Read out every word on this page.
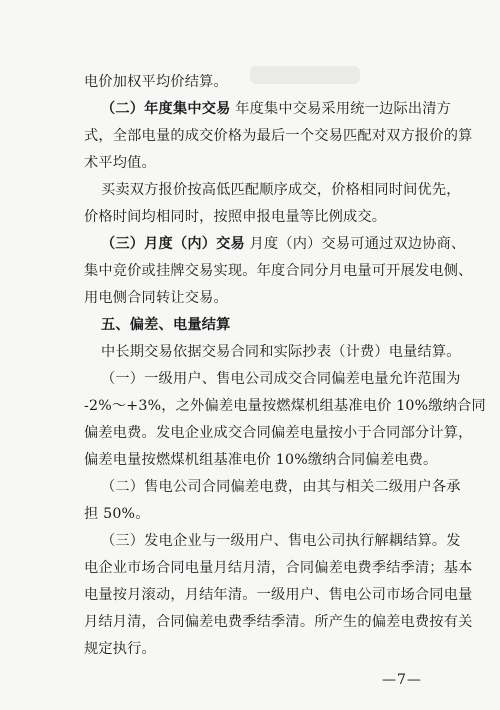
电价加权平均价结算。
（二）年度集中交易 年度集中交易采用统一边际出清方
式，全部电量的成交价格为最后一个交易匹配对双方报价的算
术平均值。
买卖双方报价按高低匹配顺序成交，价格相同时间优先，
价格时间均相同时，按照申报电量等比例成交。
（三）月度（内）交易 月度（内）交易可通过双边协商、
集中竞价或挂牌交易实现。年度合同分月电量可开展发电侧、
用电侧合同转让交易。
五、偏差、电量结算
中长期交易依据交易合同和实际抄表（计费）电量结算。
（一）一级用户、售电公司成交合同偏差电量允许范围为
-2%～+3%，之外偏差电量按燃煤机组基准电价 10%缴纳合同
偏差电费。发电企业成交合同偏差电量按小于合同部分计算，
偏差电量按燃煤机组基准电价 10%缴纳合同偏差电费。
（二）售电公司合同偏差电费，由其与相关二级用户各承
担 50%。
（三）发电企业与一级用户、售电公司执行解耦结算。发
电企业市场合同电量月结月清，合同偏差电费季结季清；基本
—7—
电量按月滚动，月结年清。一级用户、售电公司市场合同电量
月结月清，合同偏差电费季结季清。所产生的偏差电费按有关
规定执行。
